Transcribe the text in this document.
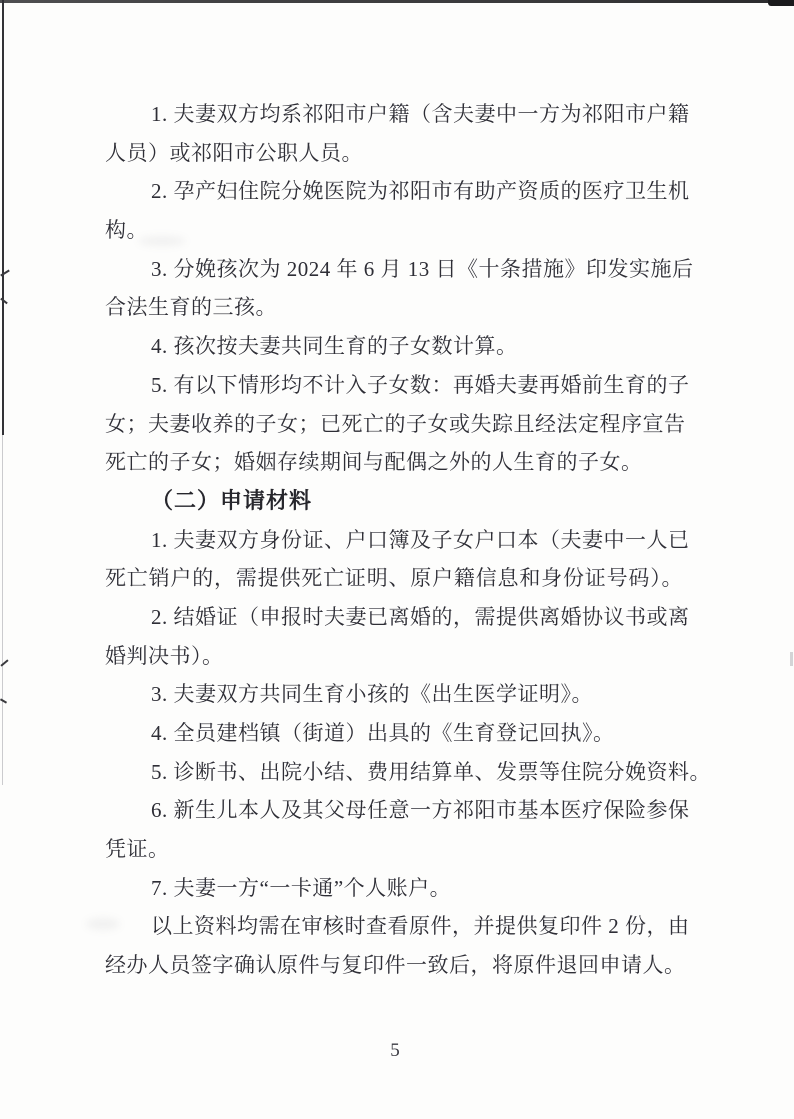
1. 夫妻双方均系祁阳市户籍（含夫妻中一方为祁阳市户籍
人员）或祁阳市公职人员。
2. 孕产妇住院分娩医院为祁阳市有助产资质的医疗卫生机
构。
3. 分娩孩次为 2024 年 6 月 13 日《十条措施》印发实施后
合法生育的三孩。
4. 孩次按夫妻共同生育的子女数计算。
5. 有以下情形均不计入子女数：再婚夫妻再婚前生育的子
女；夫妻收养的子女；已死亡的子女或失踪且经法定程序宣告
死亡的子女；婚姻存续期间与配偶之外的人生育的子女。
（二）申请材料
1. 夫妻双方身份证、户口簿及子女户口本（夫妻中一人已
死亡销户的，需提供死亡证明、原户籍信息和身份证号码）。
2. 结婚证（申报时夫妻已离婚的，需提供离婚协议书或离
婚判决书）。
3. 夫妻双方共同生育小孩的《出生医学证明》。
4. 全员建档镇（街道）出具的《生育登记回执》。
5. 诊断书、出院小结、费用结算单、发票等住院分娩资料。
6. 新生儿本人及其父母任意一方祁阳市基本医疗保险参保
凭证。
7. 夫妻一方“一卡通”个人账户。
以上资料均需在审核时查看原件，并提供复印件 2 份，由
经办人员签字确认原件与复印件一致后，将原件退回申请人。
5
